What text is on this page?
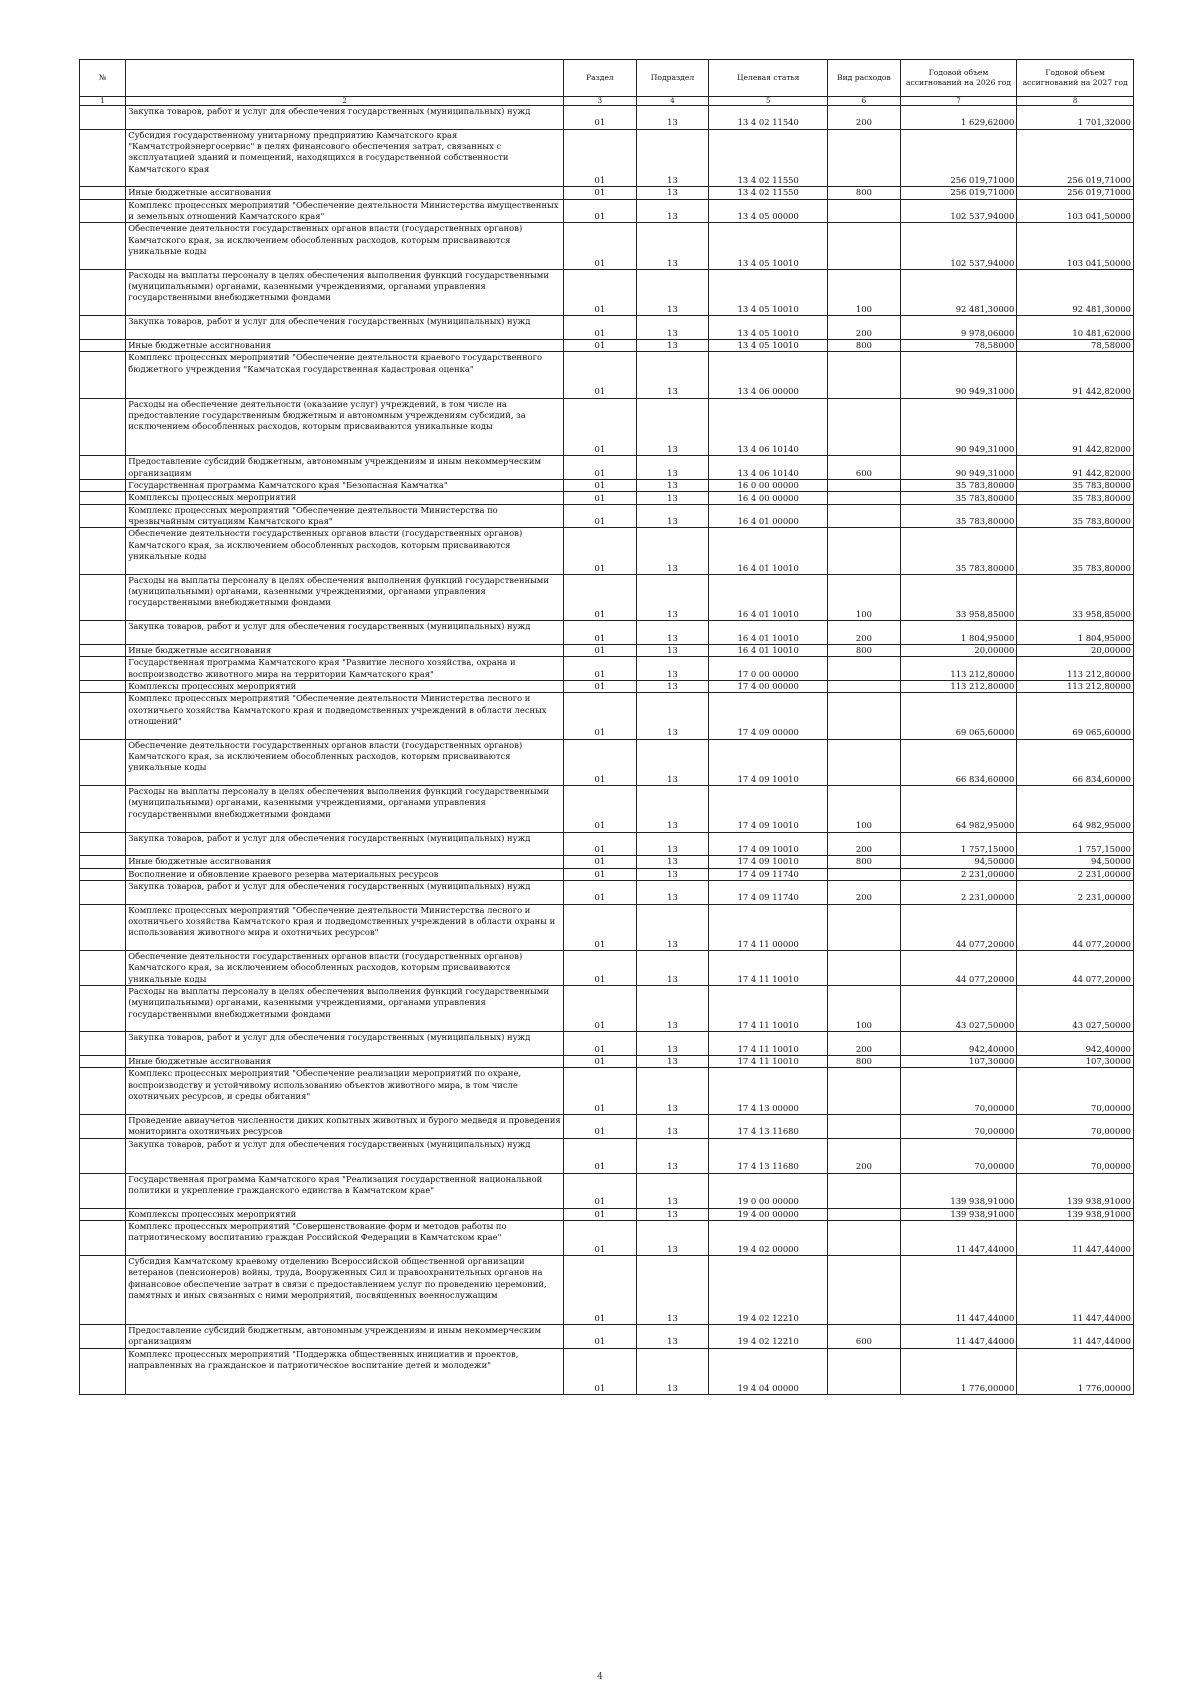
№		Раздел	Подраздел	Целевая статья	Вид расходов	Годовой объем ассигнований на 2026 год	Годовой объем ассигнований на 2027 год
1	2	3	4	5	6	7	8
	Закупка товаров, работ и услуг для обеспечения государственных (муниципальных) нужд	01	13	13 4 02 11540	200	1 629,62000	1 701,32000
	Субсидия государственному унитарному предприятию Камчатского края "Камчатстройэнергосервис" в целях финансового обеспечения затрат, связанных с эксплуатацией зданий и помещений, находящихся в государственной собственности Камчатского края	01	13	13 4 02 11550		256 019,71000	256 019,71000
	Иные бюджетные ассигнования	01	13	13 4 02 11550	800	256 019,71000	256 019,71000
	Комплекс процессных мероприятий "Обеспечение деятельности Министерства имущественных и земельных отношений Камчатского края"	01	13	13 4 05 00000		102 537,94000	103 041,50000
	Обеспечение деятельности государственных органов власти (государственных органов) Камчатского края, за исключением обособленных расходов, которым присваиваются уникальные коды	01	13	13 4 05 10010		102 537,94000	103 041,50000
	Расходы на выплаты персоналу в целях обеспечения выполнения функций государственными (муниципальными) органами, казенными учреждениями, органами управления государственными внебюджетными фондами	01	13	13 4 05 10010	100	92 481,30000	92 481,30000
	Закупка товаров, работ и услуг для обеспечения государственных (муниципальных) нужд	01	13	13 4 05 10010	200	9 978,06000	10 481,62000
	Иные бюджетные ассигнования	01	13	13 4 05 10010	800	78,58000	78,58000
	Комплекс процессных мероприятий "Обеспечение деятельности краевого государственного бюджетного учреждения "Камчатская государственная кадастровая оценка"	01	13	13 4 06 00000		90 949,31000	91 442,82000
	Расходы на обеспечение деятельности (оказание услуг) учреждений, в том числе на предоставление государственным бюджетным и автономным учреждениям субсидий, за исключением обособленных расходов, которым присваиваются уникальные коды	01	13	13 4 06 10140		90 949,31000	91 442,82000
	Предоставление субсидий бюджетным, автономным учреждениям и иным некоммерческим организациям	01	13	13 4 06 10140	600	90 949,31000	91 442,82000
	Государственная программа Камчатского края "Безопасная Камчатка"	01	13	16 0 00 00000		35 783,80000	35 783,80000
	Комплексы процессных мероприятий	01	13	16 4 00 00000		35 783,80000	35 783,80000
	Комплекс процессных мероприятий "Обеспечение деятельности Министерства по чрезвычайным ситуациям Камчатского края"	01	13	16 4 01 00000		35 783,80000	35 783,80000
	Обеспечение деятельности государственных органов власти (государственных органов) Камчатского края, за исключением обособленных расходов, которым присваиваются уникальные коды	01	13	16 4 01 10010		35 783,80000	35 783,80000
	Расходы на выплаты персоналу в целях обеспечения выполнения функций государственными (муниципальными) органами, казенными учреждениями, органами управления государственными внебюджетными фондами	01	13	16 4 01 10010	100	33 958,85000	33 958,85000
	Закупка товаров, работ и услуг для обеспечения государственных (муниципальных) нужд	01	13	16 4 01 10010	200	1 804,95000	1 804,95000
	Иные бюджетные ассигнования	01	13	16 4 01 10010	800	20,00000	20,00000
	Государственная программа Камчатского края "Развитие лесного хозяйства, охрана и воспроизводство животного мира на территории Камчатского края"	01	13	17 0 00 00000		113 212,80000	113 212,80000
	Комплексы процессных мероприятий	01	13	17 4 00 00000		113 212,80000	113 212,80000
	Комплекс процессных мероприятий "Обеспечение деятельности Министерства лесного и охотничьего хозяйства Камчатского края и подведомственных учреждений в области лесных отношений"	01	13	17 4 09 00000		69 065,60000	69 065,60000
	Обеспечение деятельности государственных органов власти (государственных органов) Камчатского края, за исключением обособленных расходов, которым присваиваются уникальные коды	01	13	17 4 09 10010		66 834,60000	66 834,60000
	Расходы на выплаты персоналу в целях обеспечения выполнения функций государственными (муниципальными) органами, казенными учреждениями, органами управления государственными внебюджетными фондами	01	13	17 4 09 10010	100	64 982,95000	64 982,95000
	Закупка товаров, работ и услуг для обеспечения государственных (муниципальных) нужд	01	13	17 4 09 10010	200	1 757,15000	1 757,15000
	Иные бюджетные ассигнования	01	13	17 4 09 10010	800	94,50000	94,50000
	Восполнение и обновление краевого резерва материальных ресурсов	01	13	17 4 09 11740		2 231,00000	2 231,00000
	Закупка товаров, работ и услуг для обеспечения государственных (муниципальных) нужд	01	13	17 4 09 11740	200	2 231,00000	2 231,00000
	Комплекс процессных мероприятий "Обеспечение деятельности Министерства лесного и охотничьего хозяйства Камчатского края и подведомственных учреждений в области охраны и использования животного мира и охотничьих ресурсов"	01	13	17 4 11 00000		44 077,20000	44 077,20000
	Обеспечение деятельности государственных органов власти (государственных органов) Камчатского края, за исключением обособленных расходов, которым присваиваются уникальные коды	01	13	17 4 11 10010		44 077,20000	44 077,20000
	Расходы на выплаты персоналу в целях обеспечения выполнения функций государственными (муниципальными) органами, казенными учреждениями, органами управления государственными внебюджетными фондами	01	13	17 4 11 10010	100	43 027,50000	43 027,50000
	Закупка товаров, работ и услуг для обеспечения государственных (муниципальных) нужд	01	13	17 4 11 10010	200	942,40000	942,40000
	Иные бюджетные ассигнования	01	13	17 4 11 10010	800	107,30000	107,30000
	Комплекс процессных мероприятий "Обеспечение реализации мероприятий по охране, воспроизводству и устойчивому использованию объектов животного мира, в том числе охотничьих ресурсов, и среды обитания"	01	13	17 4 13 00000		70,00000	70,00000
	Проведение авиаучетов численности диких копытных животных и бурого медведя и проведения мониторинга охотничьих ресурсов	01	13	17 4 13 11680		70,00000	70,00000
	Закупка товаров, работ и услуг для обеспечения государственных (муниципальных) нужд	01	13	17 4 13 11680	200	70,00000	70,00000
	Государственная программа Камчатского края "Реализация государственной национальной политики и укрепление гражданского единства в Камчатском крае"	01	13	19 0 00 00000		139 938,91000	139 938,91000
	Комплексы процессных мероприятий	01	13	19 4 00 00000		139 938,91000	139 938,91000
	Комплекс процессных мероприятий "Совершенствование форм и методов работы по патриотическому воспитанию граждан Российской Федерации в Камчатском крае"	01	13	19 4 02 00000		11 447,44000	11 447,44000
	Субсидия Камчатскому краевому отделению Всероссийской общественной организации ветеранов (пенсионеров) войны, труда, Вооруженных Сил и правоохранительных органов на финансовое обеспечение затрат в связи с предоставлением услуг по проведению церемоний, памятных и иных связанных с ними мероприятий, посвященных военнослужащим	01	13	19 4 02 12210		11 447,44000	11 447,44000
	Предоставление субсидий бюджетным, автономным учреждениям и иным некоммерческим организациям	01	13	19 4 02 12210	600	11 447,44000	11 447,44000
	Комплекс процессных мероприятий "Поддержка общественных инициатив и проектов, направленных на гражданское и патриотическое воспитание детей и молодежи"	01	13	19 4 04 00000		1 776,00000	1 776,00000
4
